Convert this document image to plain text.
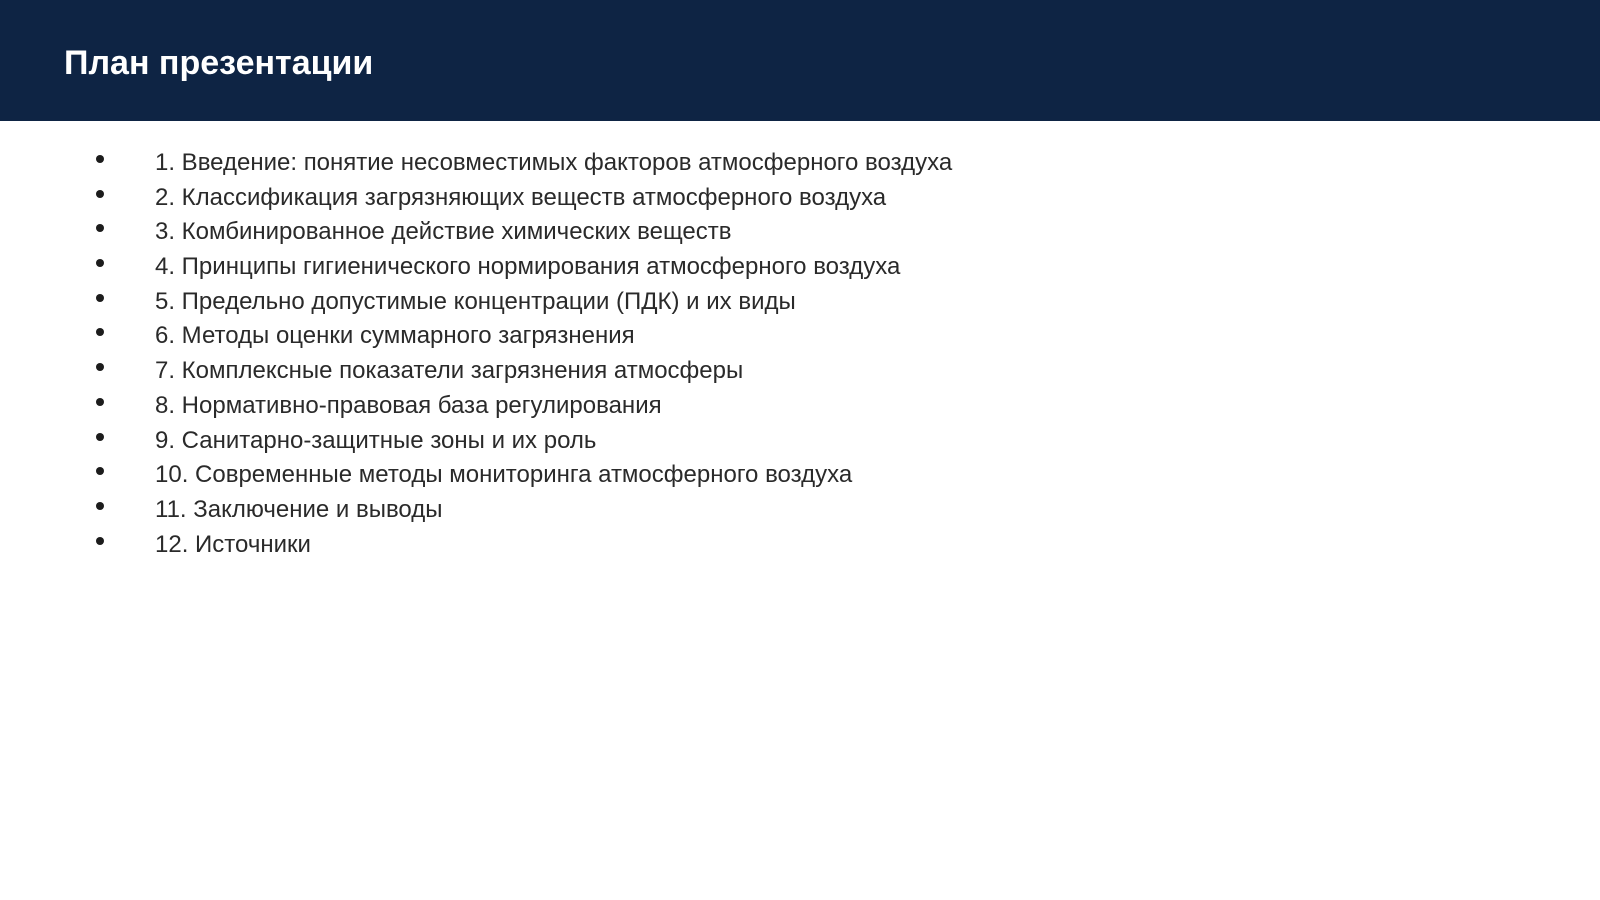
План презентации
1. Введение: понятие несовместимых факторов атмосферного воздуха
2. Классификация загрязняющих веществ атмосферного воздуха
3. Комбинированное действие химических веществ
4. Принципы гигиенического нормирования атмосферного воздуха
5. Предельно допустимые концентрации (ПДК) и их виды
6. Методы оценки суммарного загрязнения
7. Комплексные показатели загрязнения атмосферы
8. Нормативно-правовая база регулирования
9. Санитарно-защитные зоны и их роль
10. Современные методы мониторинга атмосферного воздуха
11. Заключение и выводы
12. Источники
